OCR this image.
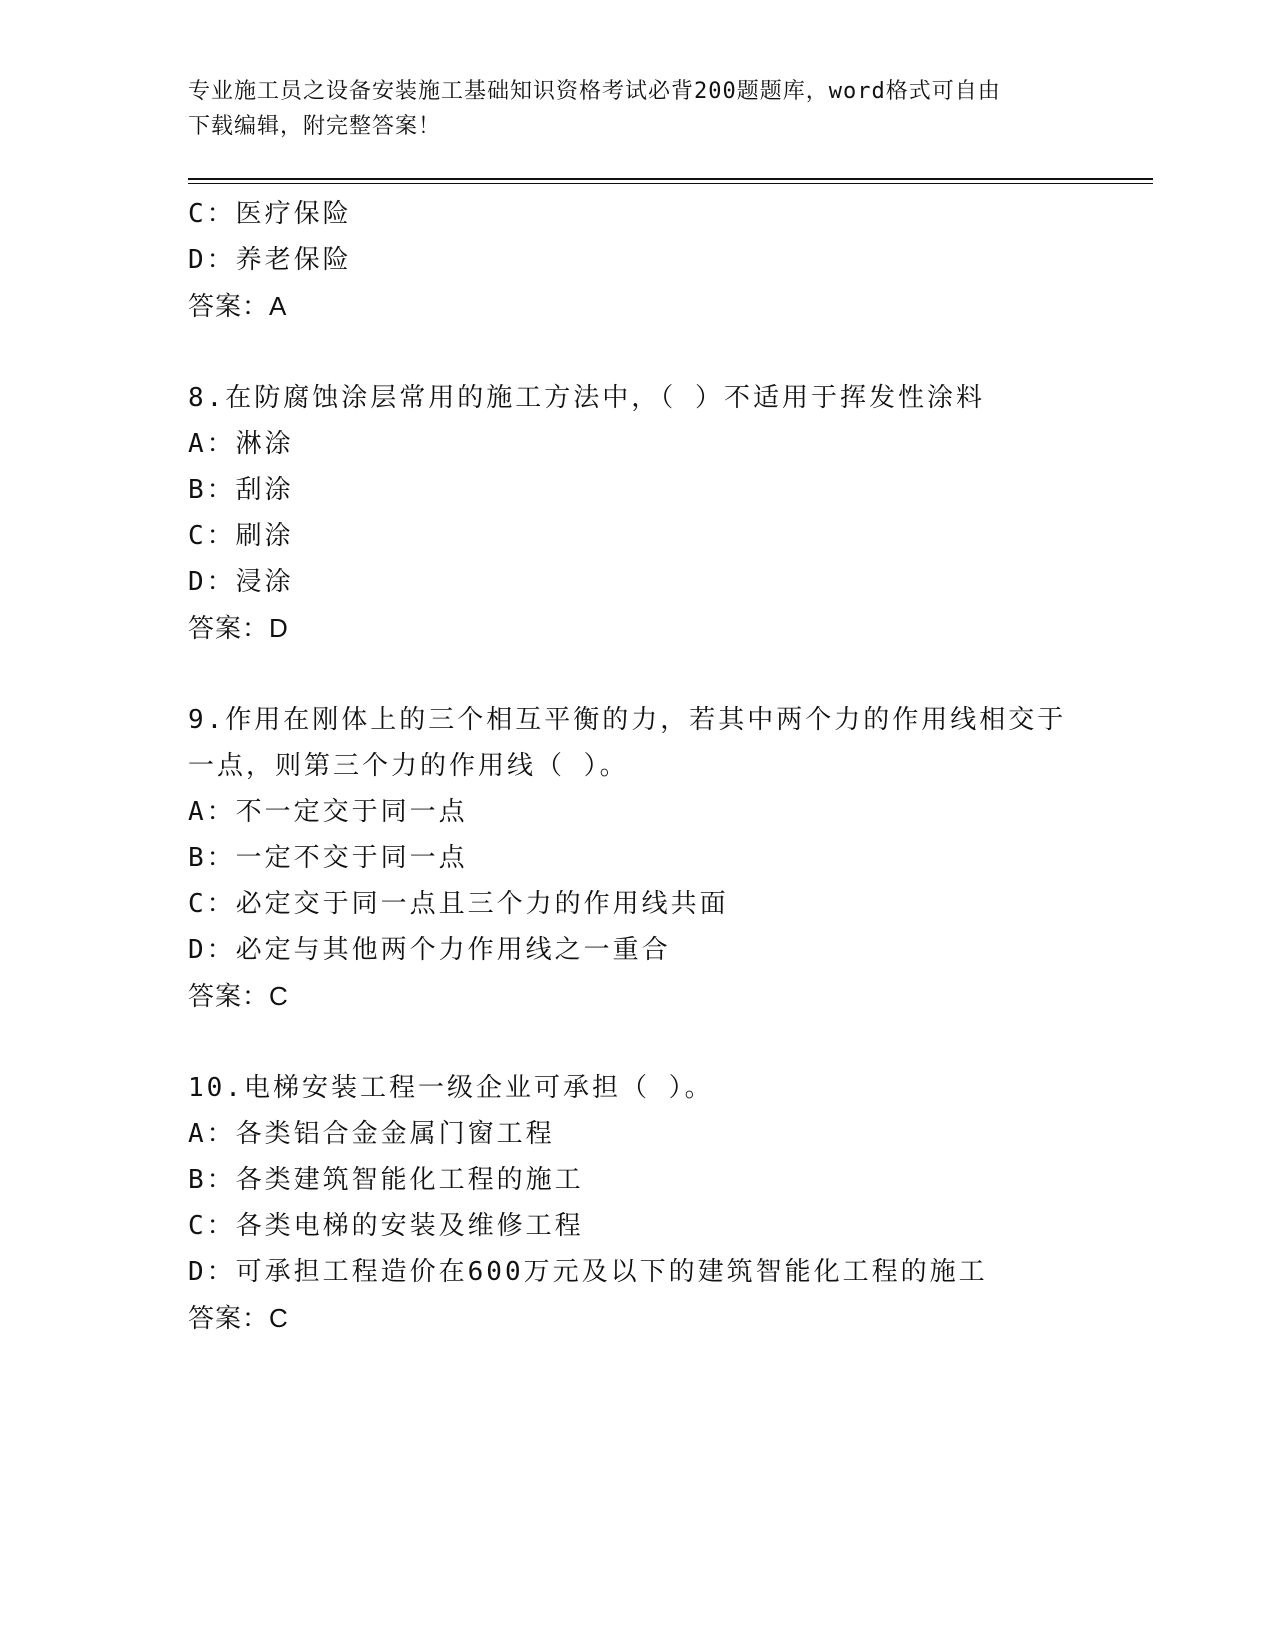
专业施工员之设备安装施工基础知识资格考试必背200题题库，word格式可自由
下载编辑，附完整答案！
C：医疗保险
D：养老保险
答案：A
8.在防腐蚀涂层常用的施工方法中，（ ）不适用于挥发性涂料
A：淋涂
B：刮涂
C：刷涂
D：浸涂
答案：D
9.作用在刚体上的三个相互平衡的力，若其中两个力的作用线相交于
一点，则第三个力的作用线（ ）。
A：不一定交于同一点
B：一定不交于同一点
C：必定交于同一点且三个力的作用线共面
D：必定与其他两个力作用线之一重合
答案：C
10.电梯安装工程一级企业可承担（ ）。
A：各类铝合金金属门窗工程
B：各类建筑智能化工程的施工
C：各类电梯的安装及维修工程
D：可承担工程造价在600万元及以下的建筑智能化工程的施工
答案：C
